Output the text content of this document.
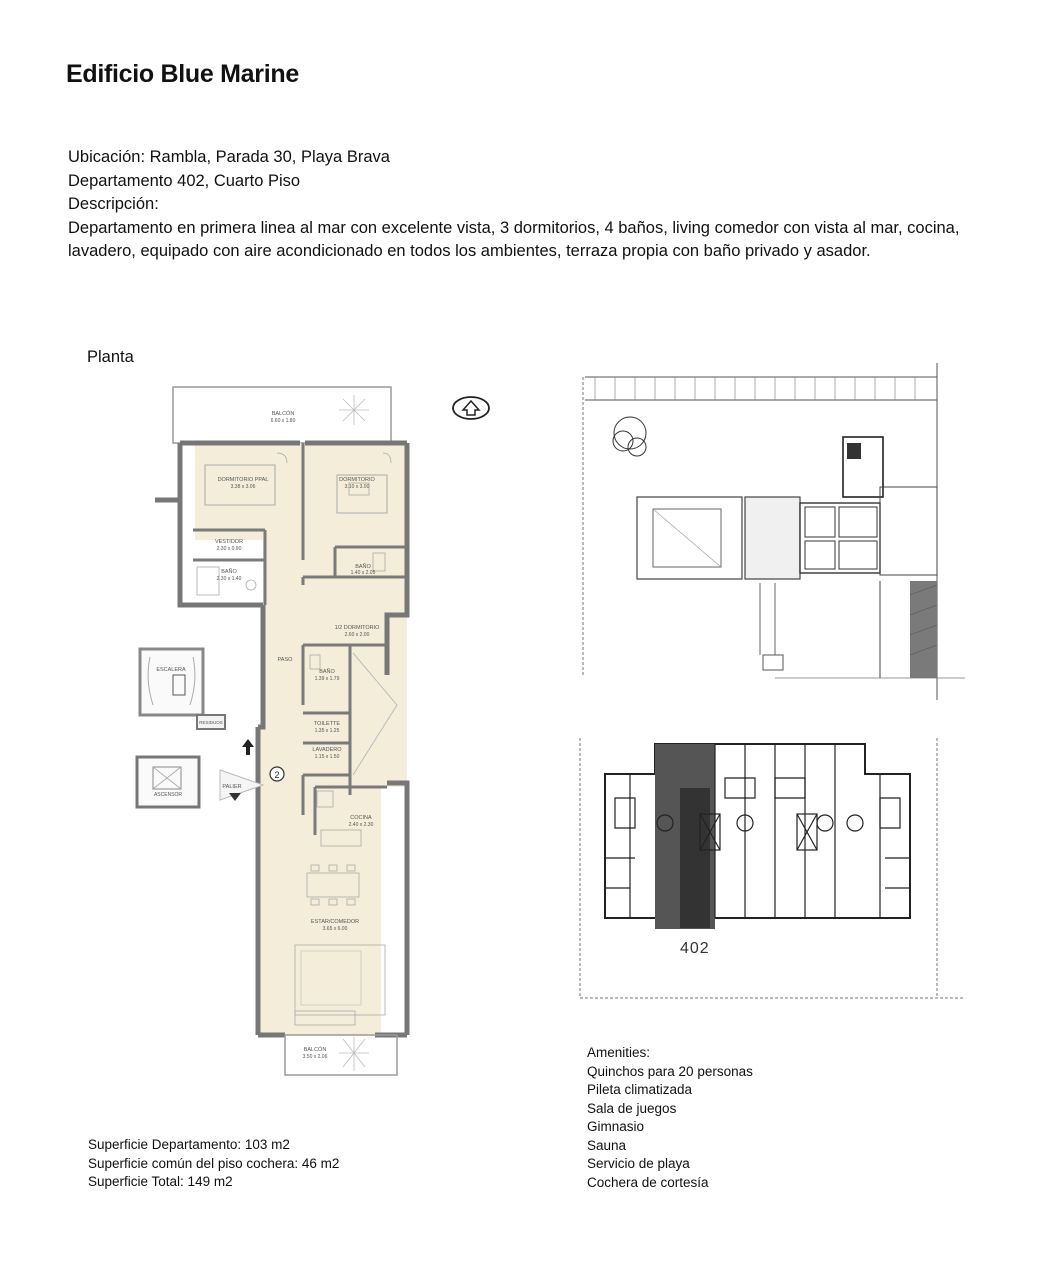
Edificio Blue Marine
Ubicación: Rambla, Parada 30, Playa Brava
Departamento 402, Cuarto Piso
Descripción:
Departamento en primera linea al mar con excelente vista, 3 dormitorios, 4 baños, living comedor con vista al mar, cocina, lavadero, equipado con aire acondicionado en todos los ambientes, terraza propia con baño privado y asador.
Planta
BALCÓN
6.60 x 1.80
DORMITORIO PPAL
3.38 x 3.06
DORMITORIO
3.10 x 3.00
VESTIDOR
2.30 x 0.90
BAÑO
2.30 x 1.40
BAÑO
1.40 x 2.05
1/2 DORMITORIO
2.60 x 2.00
PASO
BAÑO
1.39 x 1.79
ESCALERA
RESIDUOS
ASCENSOR
PALIER
2
TOILETTE
1.35 x 1.25
LAVADERO
1.15 x 1.50
COCINA
2.40 x 2.30
ESTAR/COMEDOR
3.65 x 6.00
BALCÓN
3.50 x 2.06
402
Amenities:
Quinchos para 20 personas
Pileta climatizada
Sala de juegos
Gimnasio
Sauna
Servicio de playa
Cochera de cortesía
Superficie Departamento: 103 m2
Superficie común del piso cochera: 46 m2
Superficie Total: 149 m2
